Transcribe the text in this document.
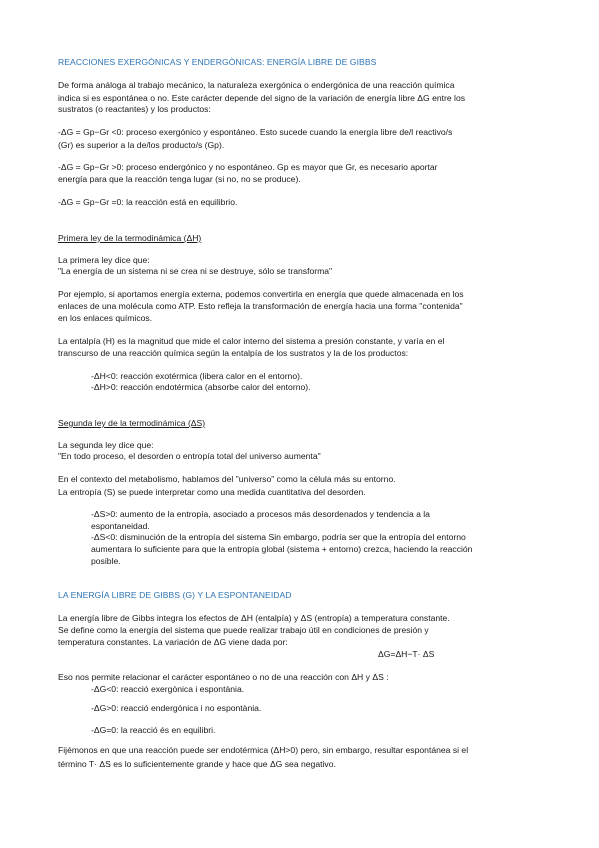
REACCIONES EXERGÒNICAS Y ENDERGÒNICAS: ENERGÍA LIBRE DE GIBBS

De forma análoga al trabajo mecánico, la naturaleza exergónica o endergónica de una reacción química

indica si es espontánea o no. Este carácter depende del signo de la variación de energía libre ΔG entre los

sustratos (o reactantes) y los productos:

-ΔG = Gp−Gr <0: proceso exergónico y espontáneo. Esto sucede cuando la energía libre de/l reactivo/s

(Gr) es superior a la de/los producto/s (Gp).

-ΔG = Gp−Gr >0: proceso endergónico y no espontáneo. Gp es mayor que Gr, es necesario aportar

energía para que la reacción tenga lugar (si no, no se produce).

-ΔG = Gp−Gr =0: la reacción está en equilibrio.

Primera ley de la termodinámica (ΔH)

La primera ley dice que:

"La energía de un sistema ni se crea ni se destruye, sólo se transforma"

Por ejemplo, si aportamos energía externa, podemos convertirla en energía que quede almacenada en los

enlaces de una molécula como ATP. Esto refleja la transformación de energía hacia una forma "contenida"

en los enlaces químicos.

La entalpía (H) es la magnitud que mide el calor interno del sistema a presión constante, y varía en el

transcurso de una reacción química según la entalpía de los sustratos y la de los productos:

-ΔH<0: reacción exotérmica (libera calor en el entorno).

-ΔH>0: reacción endotérmica (absorbe calor del entorno).

Segunda ley de la termodinámica (ΔS)

La segunda ley dice que:

"En todo proceso, el desorden o entropía total del universo aumenta"

En el contexto del metabolismo, hablamos del "universo" como la célula más su entorno.

La entropía (S) se puede interpretar como una medida cuantitativa del desorden.

-ΔS>0: aumento de la entropía, asociado a procesos más desordenados y tendencia a la

espontaneidad.

-ΔS<0: disminución de la entropía del sistema Sin embargo, podría ser que la entropía del entorno

aumentara lo suficiente para que la entropía global (sistema + entorno) crezca, haciendo la reacción

posible.

LA ENERGÍA LIBRE DE GIBBS (G) Y LA ESPONTANEIDAD

La energía libre de Gibbs integra los efectos de ΔH (entalpía) y ΔS (entropía) a temperatura constante.

Se define como la energía del sistema que puede realizar trabajo útil en condiciones de presión y

temperatura constantes. La variación de ΔG viene dada por:

ΔG=ΔH−T· ΔS

Eso nos permite relacionar el carácter espontáneo o no de una reacción con ΔH y ΔS :

-ΔG<0: reacció exergònica i espontània.

-ΔG>0: reacció endergònica i no espontània.

-ΔG=0: la reacció és en equilibri.

Fijémonos en que una reacción puede ser endotérmica (ΔH>0) pero, sin embargo, resultar espontánea si el

término T· ΔS es lo suficientemente grande y hace que ΔG sea negativo.
